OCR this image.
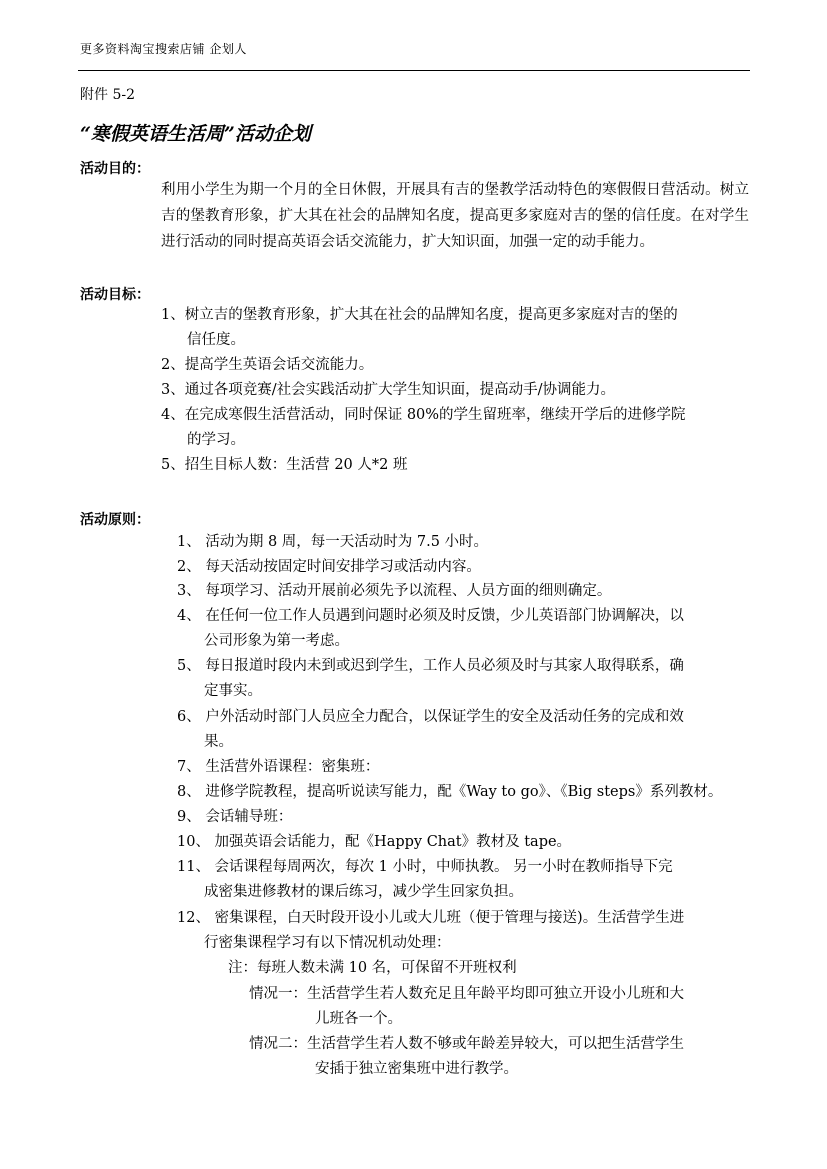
更多资料淘宝搜索店铺 企划人
附件 5-2
“寒假英语生活周”活动企划
活动目的：
利用小学生为期一个月的全日休假，开展具有吉的堡教学活动特色的寒假假日营活动。树立吉的堡教育形象，扩大其在社会的品牌知名度，提高更多家庭对吉的堡的信任度。在对学生进行活动的同时提高英语会话交流能力，扩大知识面，加强一定的动手能力。
活动目标：
1、树立吉的堡教育形象，扩大其在社会的品牌知名度，提高更多家庭对吉的堡的
信任度。
2、提高学生英语会话交流能力。
3、通过各项竞赛/社会实践活动扩大学生知识面，提高动手/协调能力。
4、在完成寒假生活营活动，同时保证 80%的学生留班率，继续开学后的进修学院
的学习。
5、招生目标人数：生活营 20 人*2 班
活动原则：
1、 活动为期 8 周，每一天活动时为 7.5 小时。
2、 每天活动按固定时间安排学习或活动内容。
3、 每项学习、活动开展前必须先予以流程、人员方面的细则确定。
4、 在任何一位工作人员遇到问题时必须及时反馈，少儿英语部门协调解决，以
公司形象为第一考虑。
5、 每日报道时段内未到或迟到学生，工作人员必须及时与其家人取得联系，确
定事实。
6、 户外活动时部门人员应全力配合，以保证学生的安全及活动任务的完成和效
果。
7、 生活营外语课程：密集班：
8、 进修学院教程，提高听说读写能力，配《Way to go》、《Big steps》系列教材。
9、 会话辅导班：
10、 加强英语会话能力，配《Happy Chat》教材及 tape。
11、 会话课程每周两次，每次 1 小时，中师执教。 另一小时在教师指导下完
成密集进修教材的课后练习，减少学生回家负担。
12、 密集课程，白天时段开设小儿或大儿班（便于管理与接送)。生活营学生进
行密集课程学习有以下情况机动处理：
注：每班人数未满 10 名，可保留不开班权利
情况一：生活营学生若人数充足且年龄平均即可独立开设小儿班和大
儿班各一个。
情况二：生活营学生若人数不够或年龄差异较大，可以把生活营学生
安插于独立密集班中进行教学。
